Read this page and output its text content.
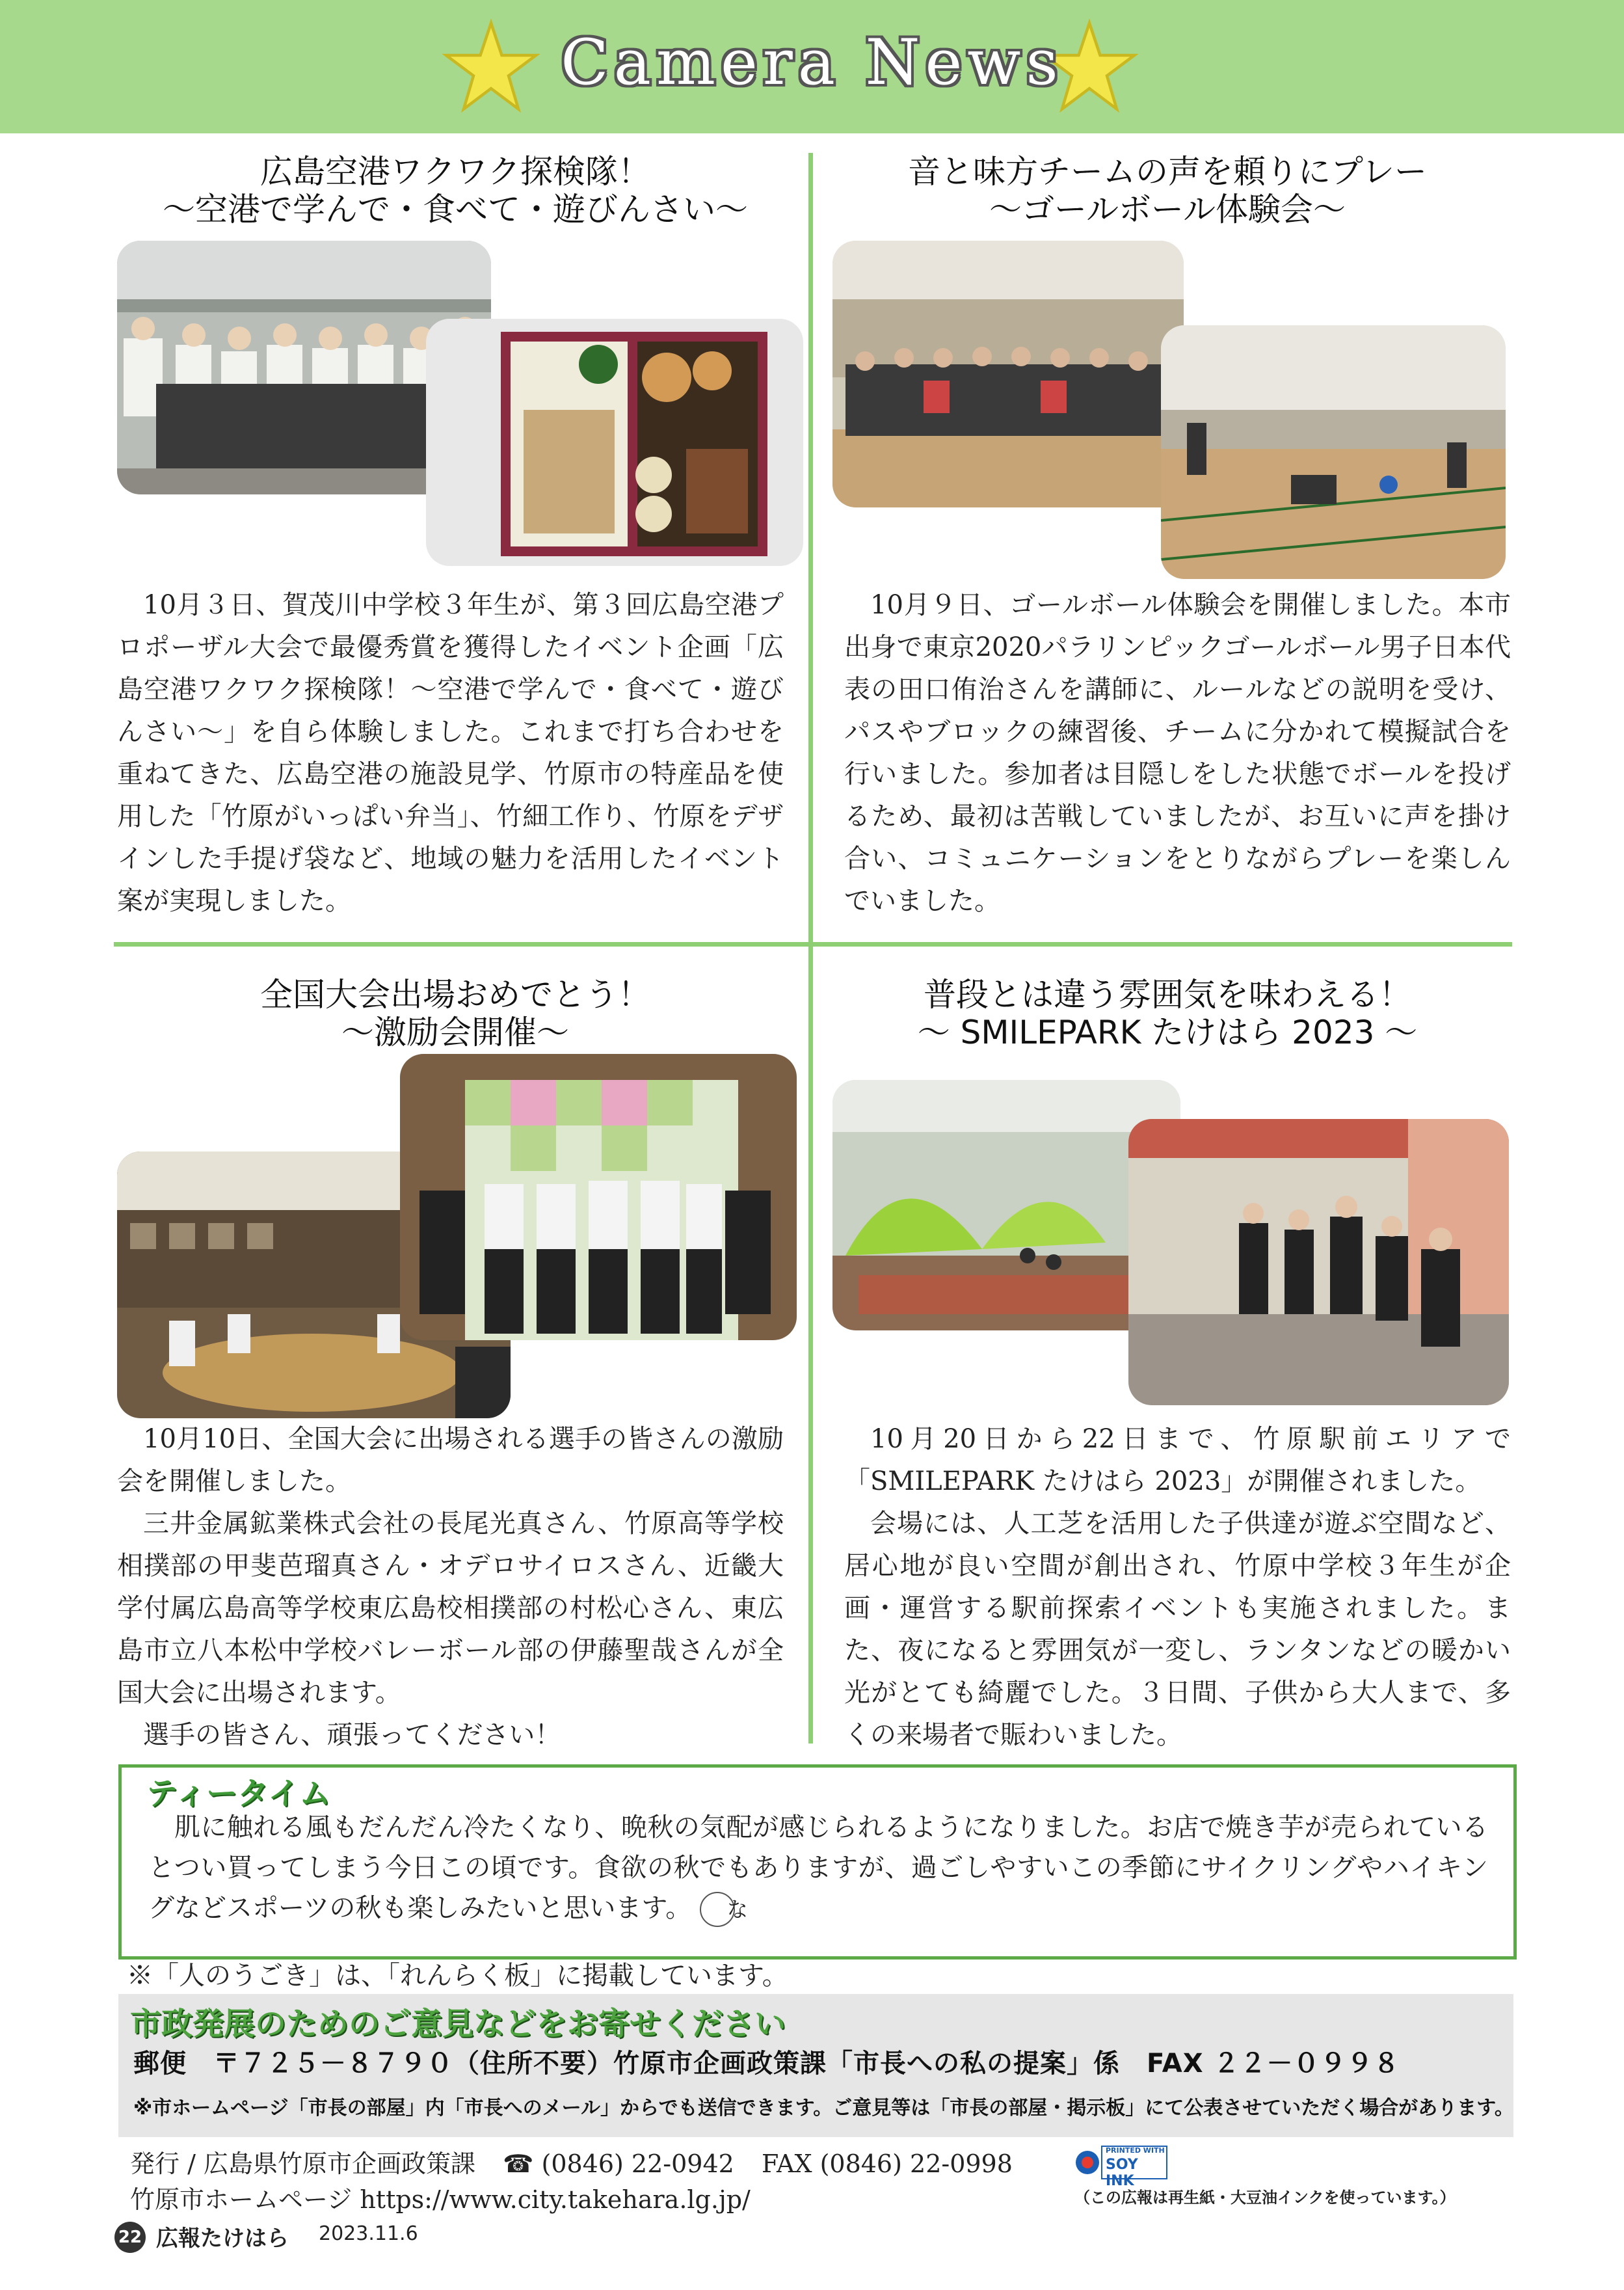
Camera News
広島空港ワクワク探検隊！
～空港で学んで・食べて・遊びんさい～

10月３日、賀茂川中学校３年生が、第３回広島空港プロポーザル大会で最優秀賞を獲得したイベント企画「広島空港ワクワク探検隊！～空港で学んで・食べて・遊びんさい～」を自ら体験しました。これまで打ち合わせを重ねてきた、広島空港の施設見学、竹原市の特産品を使用した「竹原がいっぱい弁当」、竹細工作り、竹原をデザインした手提げ袋など、地域の魅力を活用したイベント案が実現しました。

音と味方チームの声を頼りにプレー
～ゴールボール体験会～

10月９日、ゴールボール体験会を開催しました。本市出身で東京2020パラリンピックゴールボール男子日本代表の田口侑治さんを講師に、ルールなどの説明を受け、パスやブロックの練習後、チームに分かれて模擬試合を行いました。参加者は目隠しをした状態でボールを投げるため、最初は苦戦していましたが、お互いに声を掛け合い、コミュニケーションをとりながらプレーを楽しんでいました。

全国大会出場おめでとう！
～激励会開催～

10月10日、全国大会に出場される選手の皆さんの激励会を開催しました。

三井金属鉱業株式会社の長尾光真さん、竹原高等学校相撲部の甲斐芭瑠真さん・オデロサイロスさん、近畿大学付属広島高等学校東広島校相撲部の村松心さん、東広島市立八本松中学校バレーボール部の伊藤聖哉さんが全国大会に出場されます。

選手の皆さん、頑張ってください！

普段とは違う雰囲気を味わえる！
～ SMILEPARK たけはら 2023 ～

10月20日から22日まで、竹原駅前エリアで「SMILEPARK たけはら 2023」が開催されました。

会場には、人工芝を活用した子供達が遊ぶ空間など、居心地が良い空間が創出され、竹原中学校３年生が企画・運営する駅前探索イベントも実施されました。また、夜になると雰囲気が一変し、ランタンなどの暖かい光がとても綺麗でした。３日間、子供から大人まで、多くの来場者で賑わいました。

ティータイム

肌に触れる風もだんだん冷たくなり、晩秋の気配が感じられるようになりました。お店で焼き芋が売られているとつい買ってしまう今日この頃です。食欲の秋でもありますが、過ごしやすいこの季節にサイクリングやハイキングなどスポーツの秋も楽しみたいと思います。 な

※「人のうごき」は、「れんらく板」に掲載しています。
市政発展のためのご意見などをお寄せください
郵便　〒７２５－８７９０（住所不要）竹原市企画政策課「市長への私の提案」係　FAX ２２－０９９８
※市ホームページ「市長の部屋」内「市長へのメール」からでも送信できます。ご意見等は「市長の部屋・掲示板」にて公表させていただく場合があります。
発行 / 広島県竹原市企画政策課 ☎ (0846) 22-0942 FAX (0846) 22-0998
竹原市ホームページ https://www.city.takehara.lg.jp/
PRINTED WITH
SOY INK
（この広報は再生紙・大豆油インクを使っています。）
22 広報たけはら 2023.11.6
